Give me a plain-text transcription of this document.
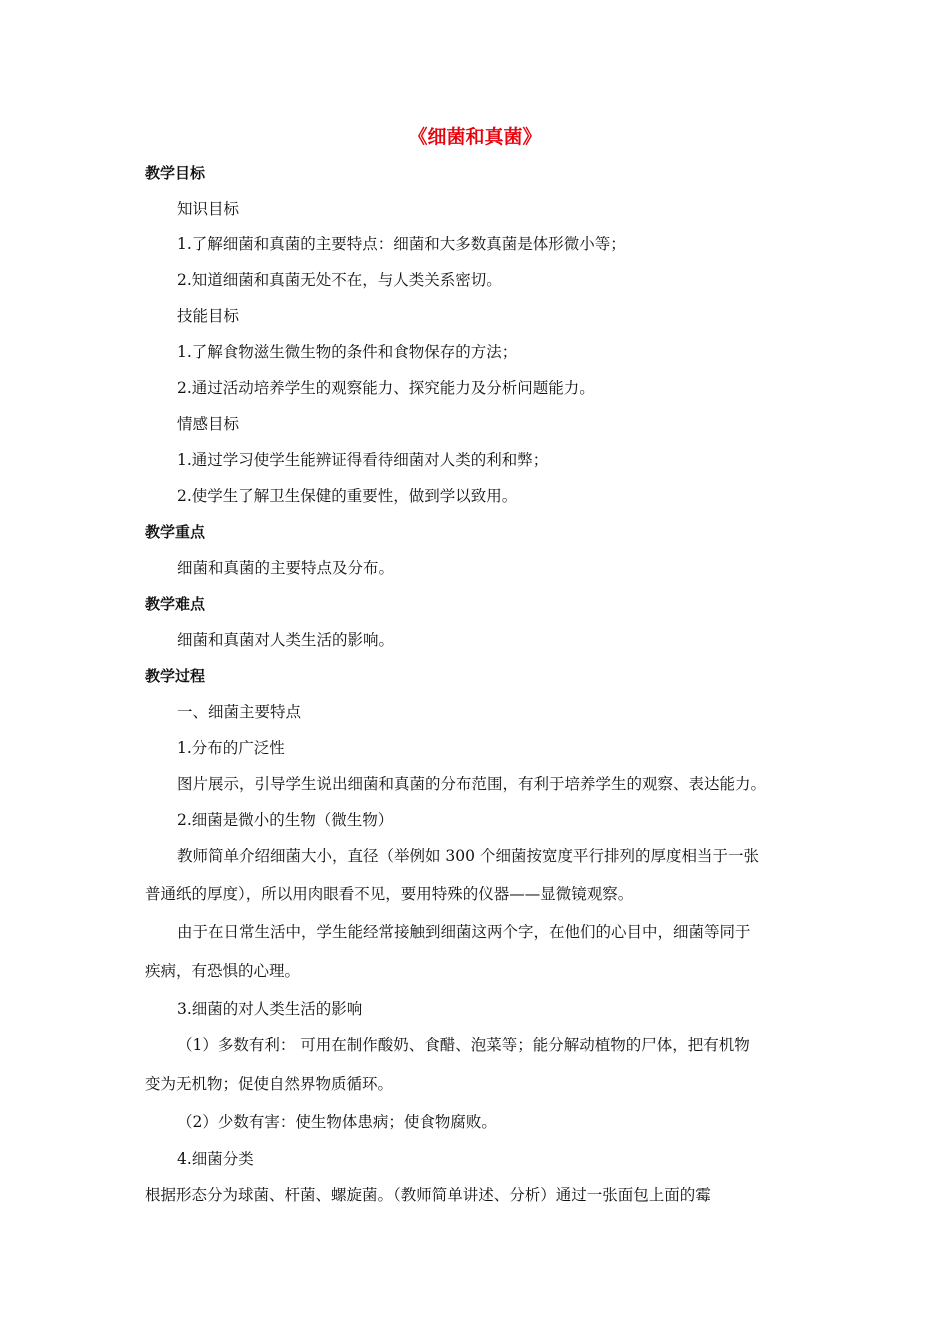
《细菌和真菌》
教学目标
知识目标
1.了解细菌和真菌的主要特点：细菌和大多数真菌是体形微小等；
2.知道细菌和真菌无处不在，与人类关系密切。
技能目标
1.了解食物滋生微生物的条件和食物保存的方法；
2.通过活动培养学生的观察能力、探究能力及分析问题能力。
情感目标
1.通过学习使学生能辨证得看待细菌对人类的利和弊；
2.使学生了解卫生保健的重要性，做到学以致用。
教学重点
细菌和真菌的主要特点及分布。
教学难点
细菌和真菌对人类生活的影响。
教学过程
一、细菌主要特点
1.分布的广泛性
图片展示，引导学生说出细菌和真菌的分布范围，有利于培养学生的观察、表达能力。
2.细菌是微小的生物（微生物）
教师简单介绍细菌大小，直径（举例如 300 个细菌按宽度平行排列的厚度相当于一张
普通纸的厚度），所以用肉眼看不见，要用特殊的仪器——显微镜观察。
由于在日常生活中，学生能经常接触到细菌这两个字，在他们的心目中，细菌等同于
疾病，有恐惧的心理。
3.细菌的对人类生活的影响
（1）多数有利： 可用在制作酸奶、食醋、泡菜等；能分解动植物的尸体，把有机物
变为无机物；促使自然界物质循环。
（2）少数有害：使生物体患病；使食物腐败。
4.细菌分类
根据形态分为球菌、杆菌、螺旋菌。（教师简单讲述、分析）通过一张面包上面的霉
